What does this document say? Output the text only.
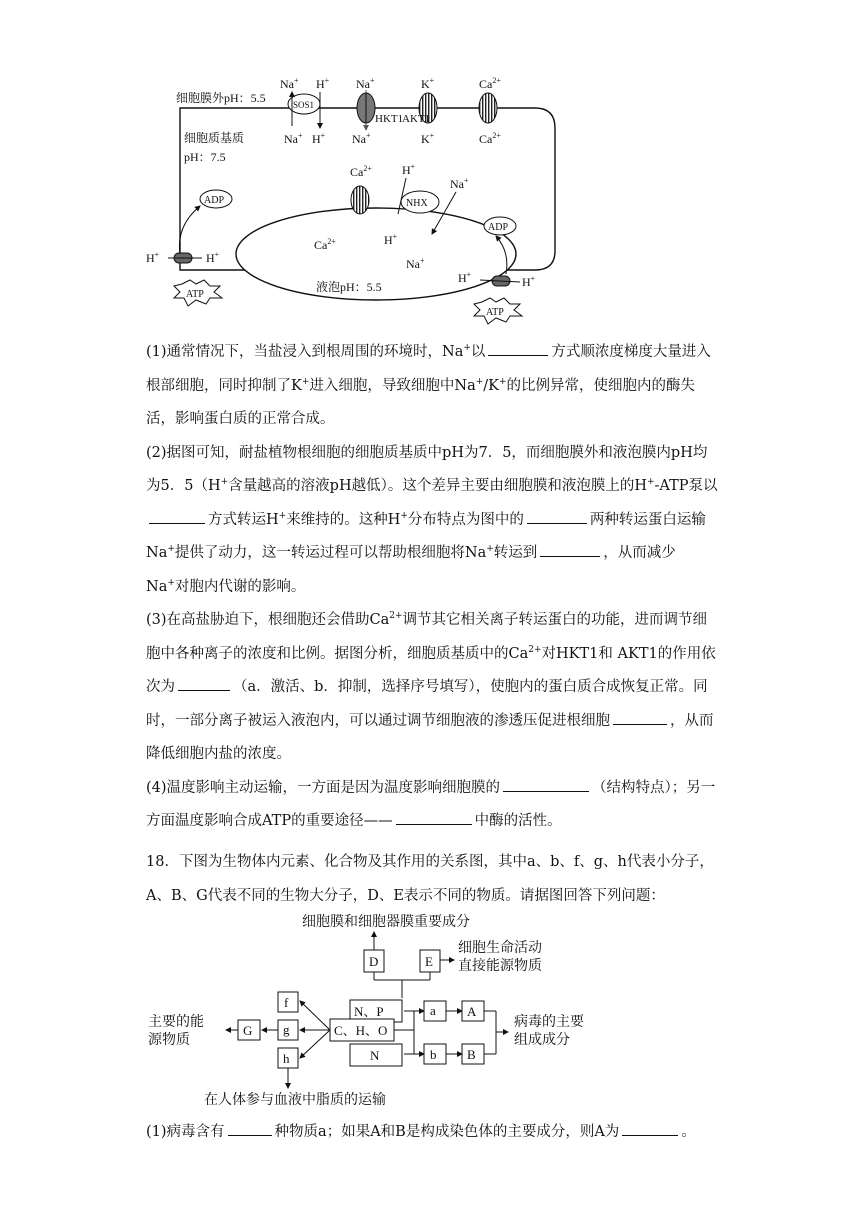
细胞膜外pH：5.5
细胞质基质
pH：7.5
液泡pH：5.5
SOS1
Na+ H+
Na+ H+
Na+
Na+
HKT1
K+
K+
AKT1
$Ca^{2+}$
$Ca^{2+}$
$Ca^{2+}$
NHX
H+
Na+
$Ca^{2+}$	H+
Na+
ADP
H+	H+
ATP
ADP
H+
H+
ATP

(1)通常情况下，当盐浸入到根周围的环境时，Na+以	方式顺浓度梯度大量进入根部细胞，同时抑制了K+进入细胞，导致细胞中Na+/K+的比例异常，使细胞内的酶失活，影响蛋白质的正常合成。

(2)据图可知，耐盐植物根细胞的细胞质基质中pH为7．5，而细胞膜外和液泡膜内pH均为5．5（H+含量越高的溶液pH越低）。这个差异主要由细胞膜和液泡膜上的H+-ATP泵以方式转运H+来维持的。这种H+分布特点为图中的	两种转运蛋白运输Na+提供了动力，这一转运过程可以帮助根细胞将Na+转运到	，从而减少Na+对胞内代谢的影响。

(3)在高盐胁迫下，根细胞还会借助$Ca^{2+}$调节其它相关离子转运蛋白的功能，进而调节细胞中各种离子的浓度和比例。据图分析，细胞质基质中的$Ca^{2+}$对HKT1和 AKT1的作用依次为	（a．激活、b．抑制，选择序号填写），使胞内的蛋白质合成恢复正常。同时，一部分离子被运入液泡内，可以通过调节细胞液的渗透压促进根细胞	，从而降低细胞内盐的浓度。

(4)温度影响主动运输，一方面是因为温度影响细胞膜的	（结构特点）；另一方面温度影响合成ATP的重要途径——	中酶的活性。

18．下图为生物体内元素、化合物及其作用的关系图，其中a、b、f、g、h代表小分子，A、B、G代表不同的生物大分子，D、E表示不同的物质。请据图回答下列问题：

D	E
N、P
C、H、O
N
f
g
h
G
a A
b B
细胞膜和细胞器膜重要成分
细胞生命活动
直接能源物质
主要的能
源物质
病毒的主要
组成成分
在人体参与血液中脂质的运输

(1)病毒含有	种物质a；如果A和B是构成染色体的主要成分，则A为	。
